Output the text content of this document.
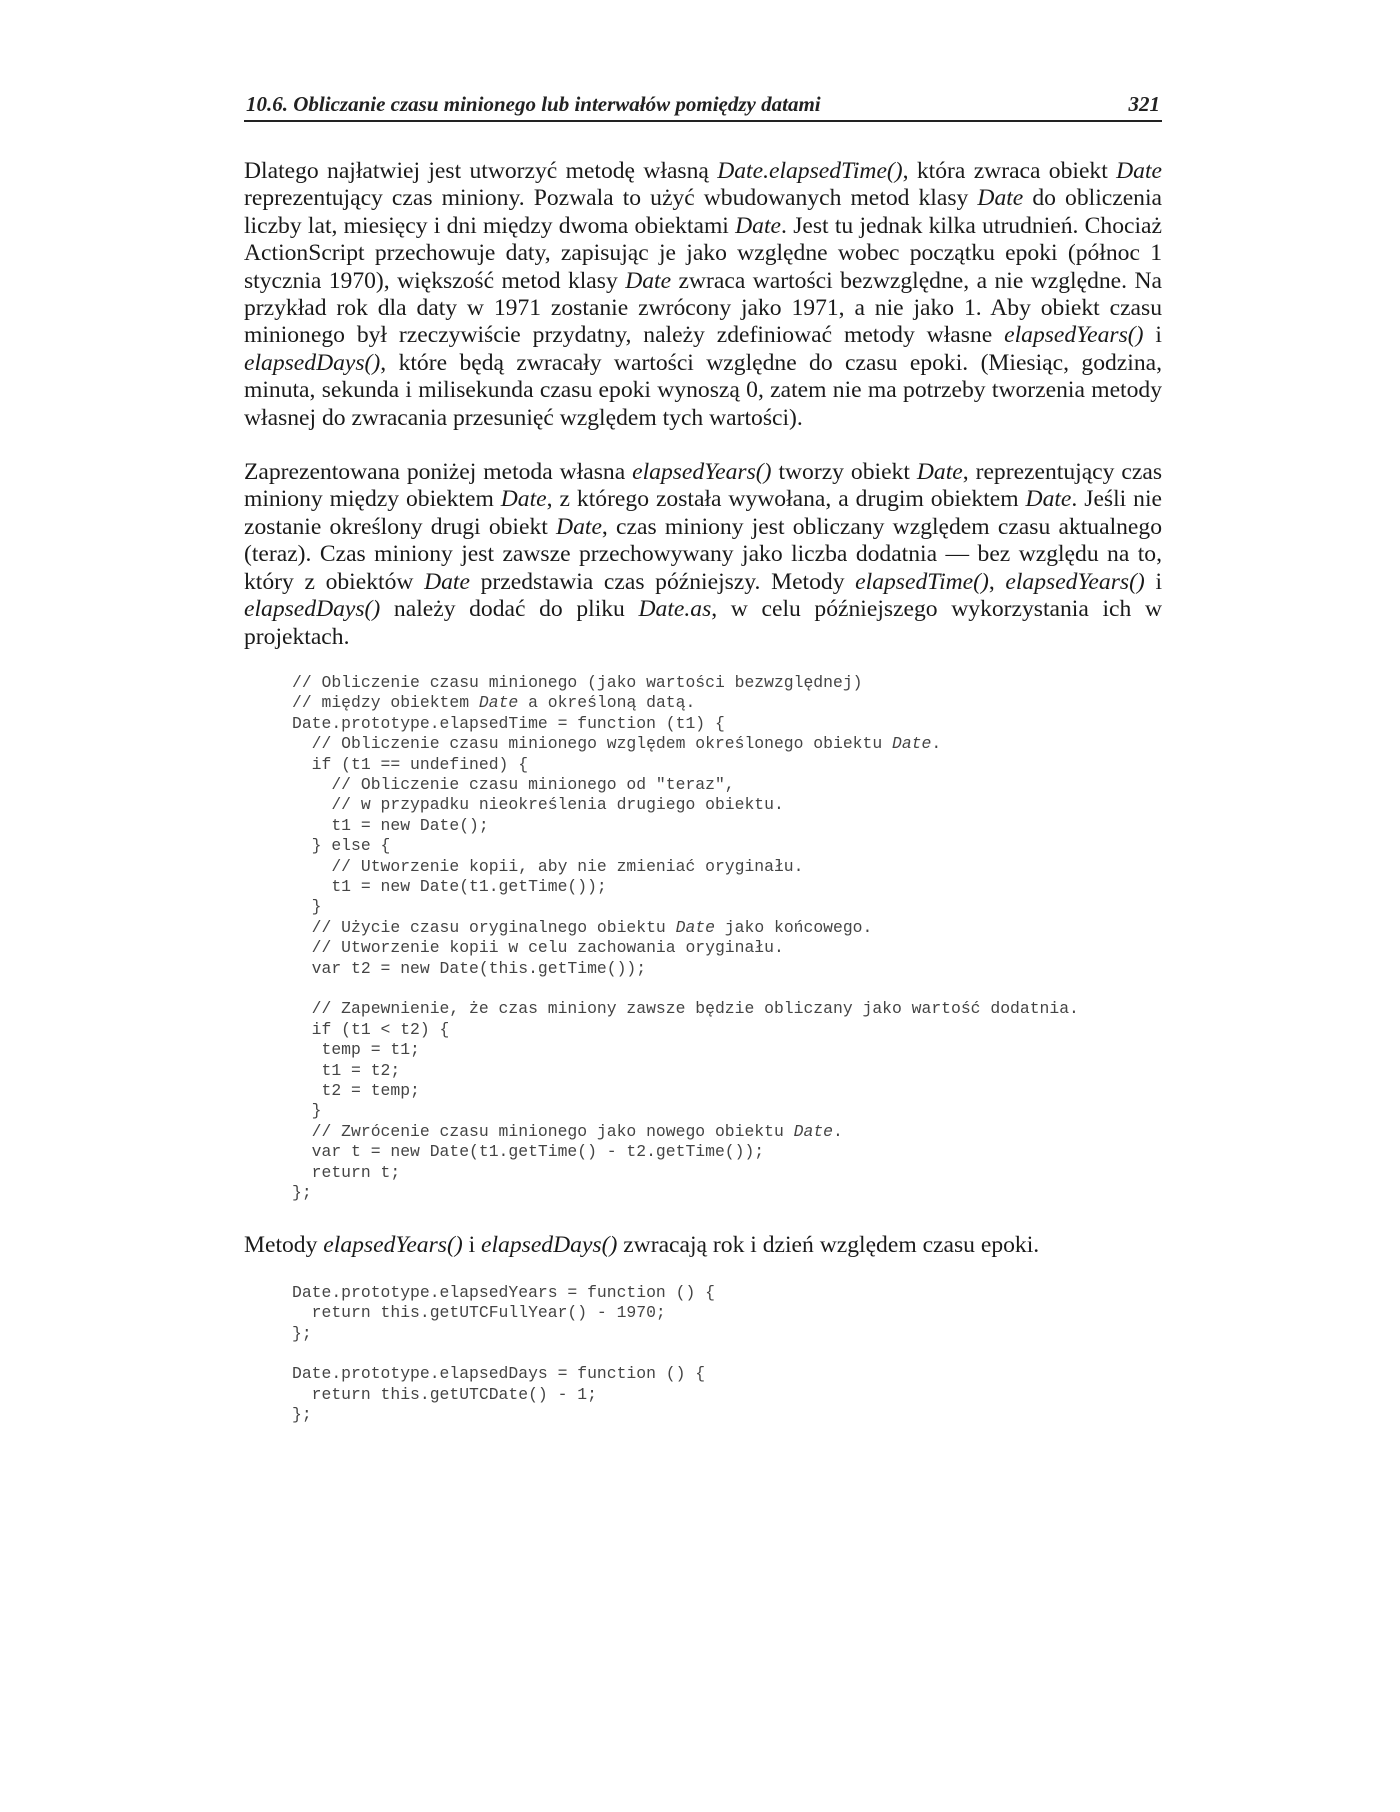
10.6. Obliczanie czasu minionego lub interwałów pomiędzy datami	321

Dlatego najłatwiej jest utworzyć metodę własną Date.elapsedTime(), która zwraca obiekt Date reprezentujący czas miniony. Pozwala to użyć wbudowanych metod klasy Date do obliczenia liczby lat, miesięcy i dni między dwoma obiektami Date. Jest tu jednak kilka utrudnień. Chociaż ActionScript przechowuje daty, zapisując je jako względne wobec początku epoki (północ 1 stycznia 1970), większość metod klasy Date zwraca wartości bezwzględne, a nie względne. Na przykład rok dla daty w 1971 zostanie zwrócony jako 1971, a nie jako 1. Aby obiekt czasu minionego był rzeczywiście przydatny, należy zdefiniować metody własne elapsedYears() i elapsedDays(), które będą zwracały wartości względne do czasu epoki. (Miesiąc, godzina, minuta, sekunda i milisekunda czasu epoki wynoszą 0, zatem nie ma potrzeby tworzenia metody własnej do zwracania przesunięć względem tych wartości).

Zaprezentowana poniżej metoda własna elapsedYears() tworzy obiekt Date, reprezentujący czas miniony między obiektem Date, z którego została wywołana, a drugim obiektem Date. Jeśli nie zostanie określony drugi obiekt Date, czas miniony jest obliczany względem czasu aktualnego (teraz). Czas miniony jest zawsze przechowywany jako liczba dodatnia — bez względu na to, który z obiektów Date przedstawia czas późniejszy. Metody elapsedTime(), elapsedYears() i elapsedDays() należy dodać do pliku Date.as, w celu późniejszego wykorzystania ich w projektach.

// Obliczenie czasu minionego (jako wartości bezwzględnej)
// między obiektem Date a określoną datą.
Date.prototype.elapsedTime = function (t1) {
// Obliczenie czasu minionego względem określonego obiektu Date.
if (t1 == undefined) {
// Obliczenie czasu minionego od "teraz",
// w przypadku nieokreślenia drugiego obiektu.
t1 = new Date();
} else {
// Utworzenie kopii, aby nie zmieniać oryginału.
t1 = new Date(t1.getTime());
}
// Użycie czasu oryginalnego obiektu Date jako końcowego.
// Utworzenie kopii w celu zachowania oryginału.
var t2 = new Date(this.getTime());
// Zapewnienie, że czas miniony zawsze będzie obliczany jako wartość dodatnia.
if (t1 < t2) {
temp = t1;
t1 = t2;
t2 = temp;
}
// Zwrócenie czasu minionego jako nowego obiektu Date.
var t = new Date(t1.getTime() - t2.getTime());
return t;
};

Metody elapsedYears() i elapsedDays() zwracają rok i dzień względem czasu epoki.

Date.prototype.elapsedYears = function () {
return this.getUTCFullYear() - 1970;
};
Date.prototype.elapsedDays = function () {
return this.getUTCDate() - 1;
};
